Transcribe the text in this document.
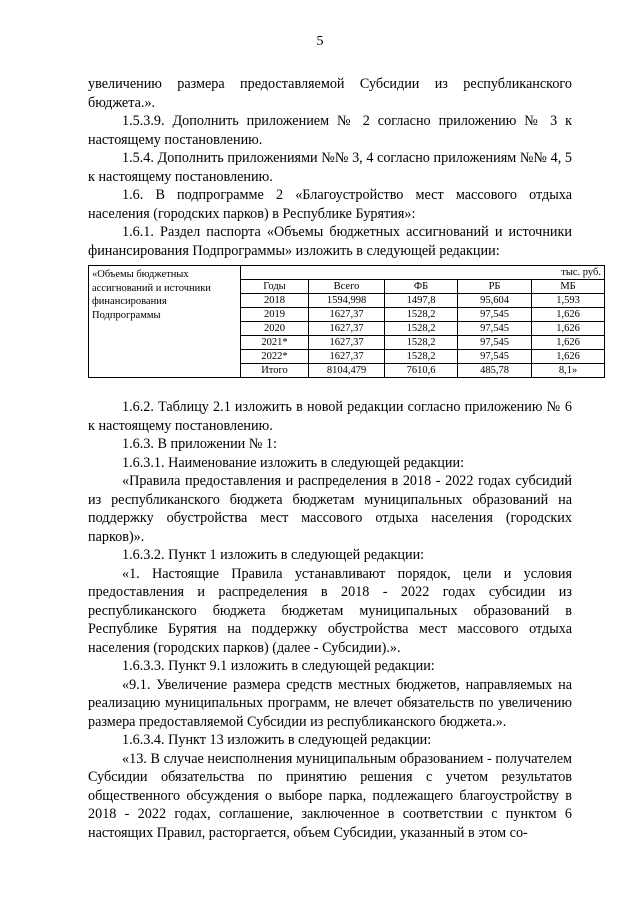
5

увеличению размера предоставляемой Субсидии из республиканского бюджета.».

1.5.3.9. Дополнить приложением № 2 согласно приложению № 3 к настоящему постановлению.

1.5.4. Дополнить приложениями №№ 3, 4 согласно приложениям №№ 4, 5 к настоящему постановлению.

1.6. В подпрограмме 2 «Благоустройство мест массового отдыха населения (городских парков) в Республике Бурятия»:

1.6.1. Раздел паспорта «Объемы бюджетных ассигнований и источники финансирования Подпрограммы» изложить в следующей редакции:

«Объемы бюджетных ассигнований и источники финансирования Подпрограммы	тыс. руб.				
	Годы	Всего	ФБ	РБ	МБ
	2018	1594,998	1497,8	95,604	1,593
	2019	1627,37	1528,2	97,545	1,626
	2020	1627,37	1528,2	97,545	1,626
	2021*	1627,37	1528,2	97,545	1,626
	2022*	1627,37	1528,2	97,545	1,626
	Итого	8104,479	7610,6	485,78	8,1»

1.6.2. Таблицу 2.1 изложить в новой редакции согласно приложению № 6 к настоящему постановлению.

1.6.3. В приложении № 1:

1.6.3.1. Наименование изложить в следующей редакции:

«Правила предоставления и распределения в 2018 - 2022 годах субсидий из республиканского бюджета бюджетам муниципальных образований на поддержку обустройства мест массового отдыха населения (городских парков)».

1.6.3.2. Пункт 1 изложить в следующей редакции:

«1. Настоящие Правила устанавливают порядок, цели и условия предоставления и распределения в 2018 - 2022 годах субсидии из республиканского бюджета бюджетам муниципальных образований в Республике Бурятия на поддержку обустройства мест массового отдыха населения (городских парков) (далее - Субсидии).».

1.6.3.3. Пункт 9.1 изложить в следующей редакции:

«9.1. Увеличение размера средств местных бюджетов, направляемых на реализацию муниципальных программ, не влечет обязательств по увеличению размера предоставляемой Субсидии из республиканского бюджета.».

1.6.3.4. Пункт 13 изложить в следующей редакции:

«13. В случае неисполнения муниципальным образованием - получателем Субсидии обязательства по принятию решения с учетом результатов общественного обсуждения о выборе парка, подлежащего благоустройству в 2018 - 2022 годах, соглашение, заключенное в соответствии с пунктом 6 настоящих Правил, расторгается, объем Субсидии, указанный в этом со-
